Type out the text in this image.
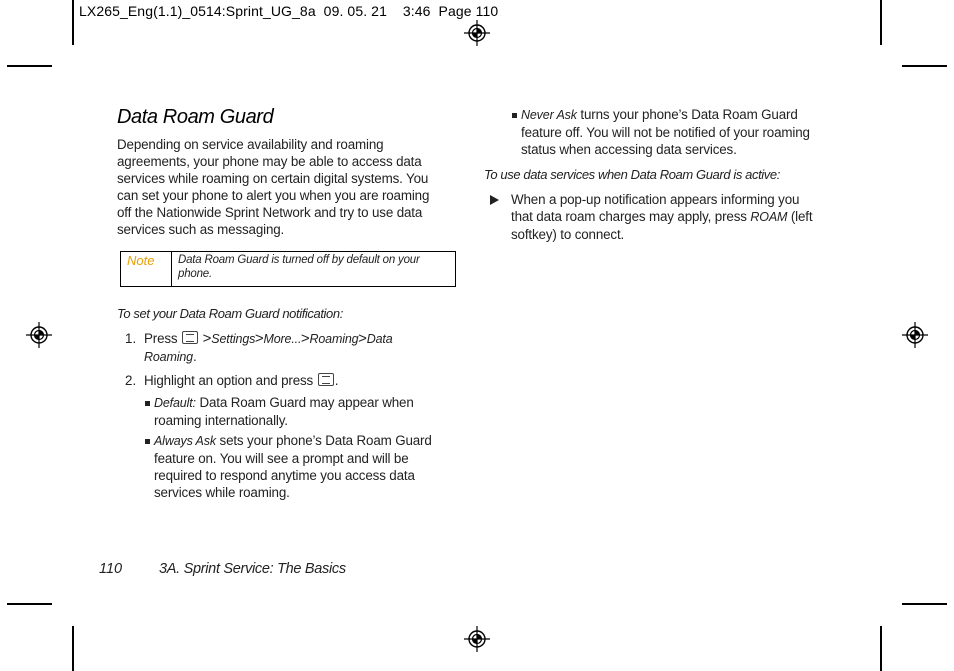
LX265_Eng(1.1)_0514:Sprint_UG_8a  09. 05. 21    3:46  Page 110
Data Roam Guard
Depending on service availability and roaming
agreements, your phone may be able to access data
services while roaming on certain digital systems. You
can set your phone to alert you when you are roaming
off the Nationwide Sprint Network and try to use data
services such as messaging.
Note Data Roam Guard is turned off by default on your
phone.
To set your Data Roam Guard notification:
1. Press >Settings >More... >Roaming >Data
Roaming.
2. Highlight an option and press .
Default: Data Roam Guard may appear when
roaming internationally.
Always Ask sets your phone’s Data Roam Guard
feature on. You will see a prompt and will be
required to respond anytime you access data
services while roaming.
Never Ask turns your phone’s Data Roam Guard
feature off. You will not be notified of your roaming
status when accessing data services.
To use data services when Data Roam Guard is active:
When a pop-up notification appears informing you
that data roam charges may apply, press ROAM (left
softkey) to connect.
110	3A. Sprint Service: The Basics
